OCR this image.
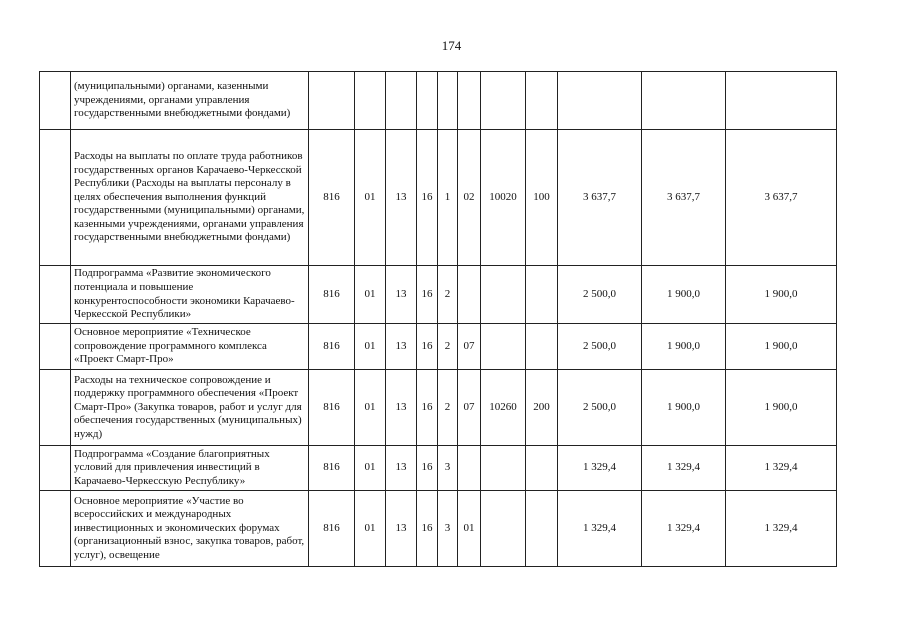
174
	(муниципальными) органами, казенными учреждениями, органами управления государственными внебюджетными фондами)											
	Расходы на выплаты по оплате труда работников государственных органов Карачаево-Черкесской Республики (Расходы на выплаты персоналу в целях обеспечения выполнения функций государственными (муниципальными) органами, казенными учреждениями, органами управления государственными внебюджетными фондами)	816	01	13	16	1	02	10020	100	3 637,7	3 637,7	3 637,7
	Подпрограмма «Развитие экономического потенциала и повышение конкурентоспособности экономики Карачаево-Черкесской Республики»	816	01	13	16	2				2 500,0	1 900,0	1 900,0
	Основное мероприятие «Техническое сопровождение программного комплекса «Проект Смарт-Про»	816	01	13	16	2	07			2 500,0	1 900,0	1 900,0
	Расходы на техническое сопровождение и поддержку программного обеспечения «Проект Смарт-Про» (Закупка товаров, работ и услуг для обеспечения государственных (муниципальных) нужд)	816	01	13	16	2	07	10260	200	2 500,0	1 900,0	1 900,0
	Подпрограмма «Создание благоприятных условий для привлечения инвестиций в Карачаево-Черкесскую Республику»	816	01	13	16	3				1 329,4	1 329,4	1 329,4
	Основное мероприятие «Участие во всероссийских и международных инвестиционных и экономических форумах (организационный взнос, закупка товаров, работ, услуг), освещение	816	01	13	16	3	01			1 329,4	1 329,4	1 329,4
